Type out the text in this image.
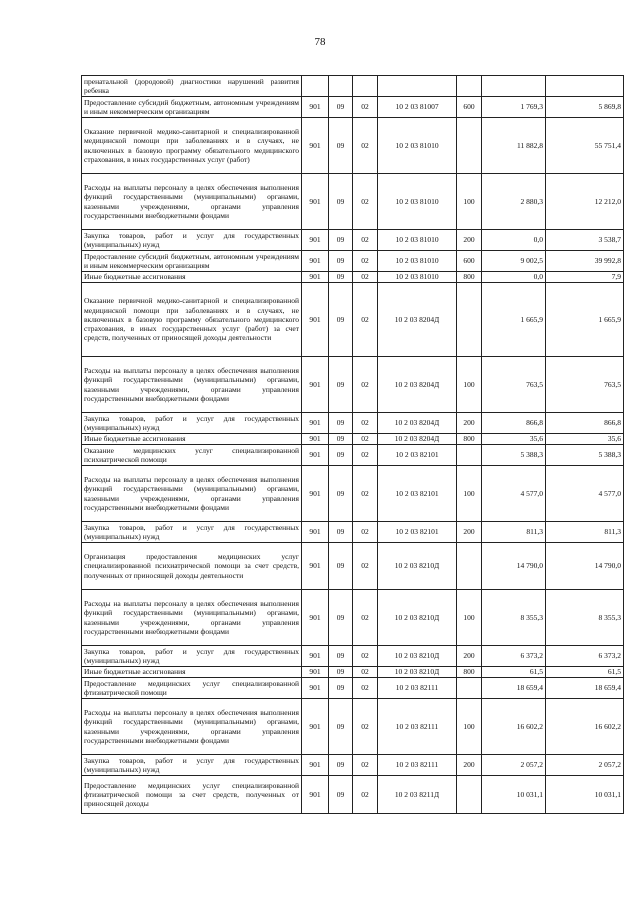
78
пренатальной (дородовой) диагностики нарушений развития ребенка							
Предоставление субсидий бюджетным, автономным учреждениям и иным некоммерческим организациям	901	09	02	10 2 03 81007	600	1 769,3	5 869,8
Оказание первичной медико-санитарной и специализированной медицинской помощи при заболеваниях и в случаях, не включенных в базовую программу обязательного медицинского страхования, в иных государственных услуг (работ)	901	09	02	10 2 03 81010		11 882,8	55 751,4
Расходы на выплаты персоналу в целях обеспечения выполнения функций государственными (муниципальными) органами, казенными учреждениями, органами управления государственными внебюджетными фондами	901	09	02	10 2 03 81010	100	2 880,3	12 212,0
Закупка товаров, работ и услуг для государственных (муниципальных) нужд	901	09	02	10 2 03 81010	200	0,0	3 538,7
Предоставление субсидий бюджетным, автономным учреждениям и иным некоммерческим организациям	901	09	02	10 2 03 81010	600	9 002,5	39 992,8
Иные бюджетные ассигнования	901	09	02	10 2 03 81010	800	0,0	7,9
Оказание первичной медико-санитарной и специализированной медицинской помощи при заболеваниях и в случаях, не включенных в базовую программу обязательного медицинского страхования, в иных государственных услуг (работ) за счет средств, полученных от приносящей доходы деятельности	901	09	02	10 2 03 8204Д		1 665,9	1 665,9
Расходы на выплаты персоналу в целях обеспечения выполнения функций государственными (муниципальными) органами, казенными учреждениями, органами управления государственными внебюджетными фондами	901	09	02	10 2 03 8204Д	100	763,5	763,5
Закупка товаров, работ и услуг для государственных (муниципальных) нужд	901	09	02	10 2 03 8204Д	200	866,8	866,8
Иные бюджетные ассигнования	901	09	02	10 2 03 8204Д	800	35,6	35,6
Оказание медицинских услуг специализированной психиатрической помощи	901	09	02	10 2 03 82101		5 388,3	5 388,3
Расходы на выплаты персоналу в целях обеспечения выполнения функций государственными (муниципальными) органами, казенными учреждениями, органами управления государственными внебюджетными фондами	901	09	02	10 2 03 82101	100	4 577,0	4 577,0
Закупка товаров, работ и услуг для государственных (муниципальных) нужд	901	09	02	10 2 03 82101	200	811,3	811,3
Организация предоставления медицинских услуг специализированной психиатрической помощи за счет средств, полученных от приносящей доходы деятельности	901	09	02	10 2 03 8210Д		14 790,0	14 790,0
Расходы на выплаты персоналу в целях обеспечения выполнения функций государственными (муниципальными) органами, казенными учреждениями, органами управления государственными внебюджетными фондами	901	09	02	10 2 03 8210Д	100	8 355,3	8 355,3
Закупка товаров, работ и услуг для государственных (муниципальных) нужд	901	09	02	10 2 03 8210Д	200	6 373,2	6 373,2
Иные бюджетные ассигнования	901	09	02	10 2 03 8210Д	800	61,5	61,5
Предоставление медицинских услуг специализированной фтизиатрической помощи	901	09	02	10 2 03 82111		18 659,4	18 659,4
Расходы на выплаты персоналу в целях обеспечения выполнения функций государственными (муниципальными) органами, казенными учреждениями, органами управления государственными внебюджетными фондами	901	09	02	10 2 03 82111	100	16 602,2	16 602,2
Закупка товаров, работ и услуг для государственных (муниципальных) нужд	901	09	02	10 2 03 82111	200	2 057,2	2 057,2
Предоставление медицинских услуг специализированной фтизиатрической помощи за счет средств, полученных от приносящей доходы	901	09	02	10 2 03 8211Д		10 031,1	10 031,1
